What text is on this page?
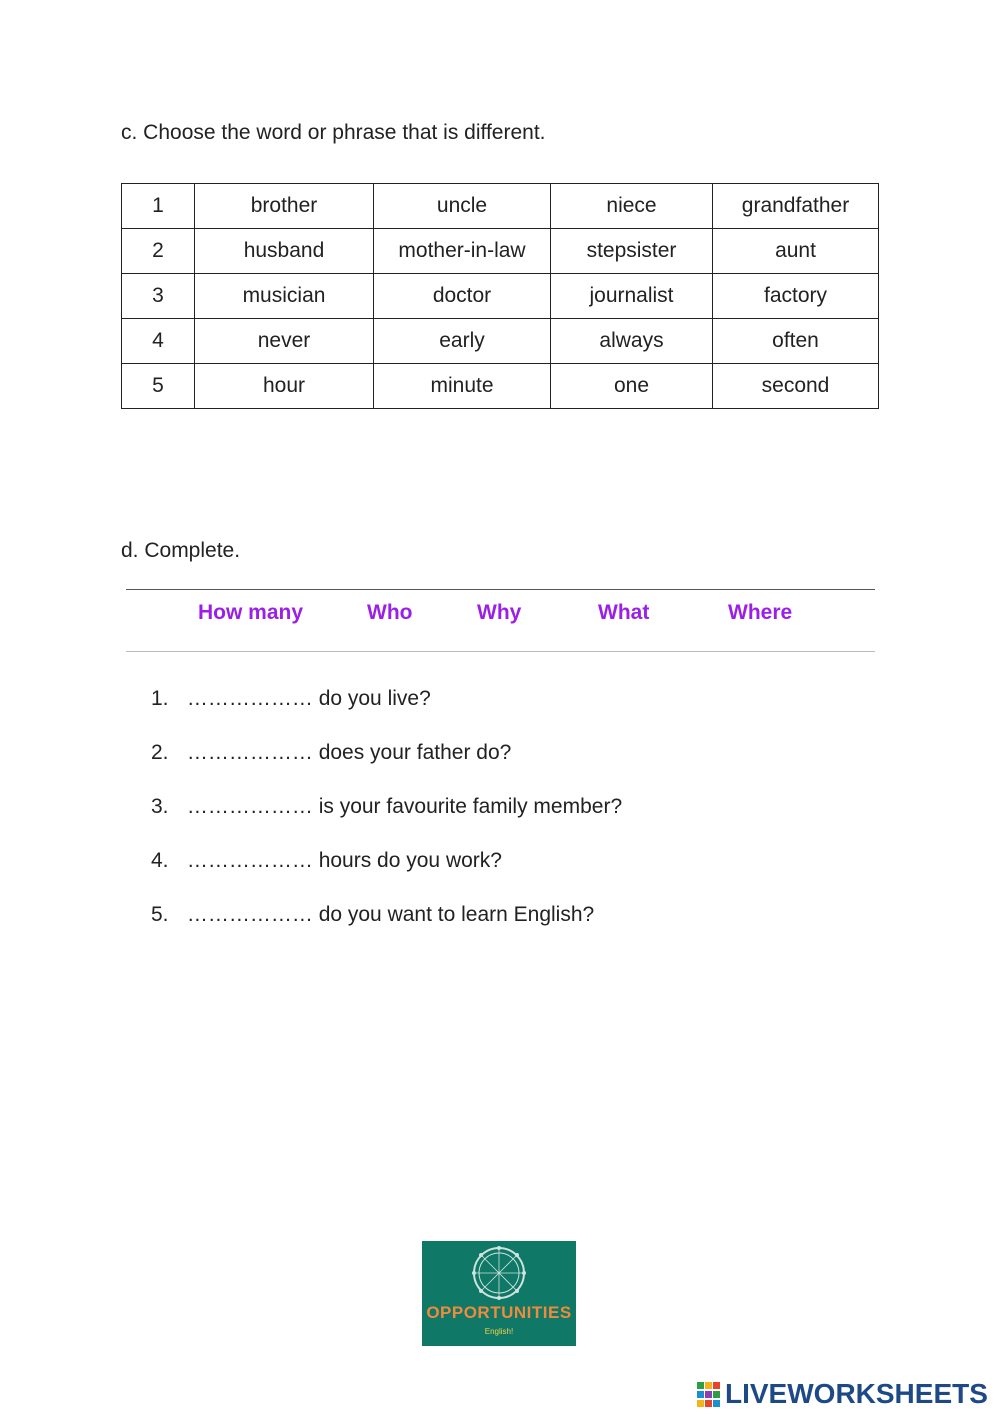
c. Choose the word or phrase that is different.
1	brother	uncle	niece	grandfather
2	husband	mother-in-law	stepsister	aunt
3	musician	doctor	journalist	factory
4	never	early	always	often
5	hour	minute	one	second
d. Complete.
How many	Who	Why	What	Where
1. ……………… do you live?
2. ……………… does your father do?
3. ……………… is your favourite family member?
4. ……………… hours do you work?
5. ……………… do you want to learn English?
OPPORTUNITIES
English!
LIVEWORKSHEETS
